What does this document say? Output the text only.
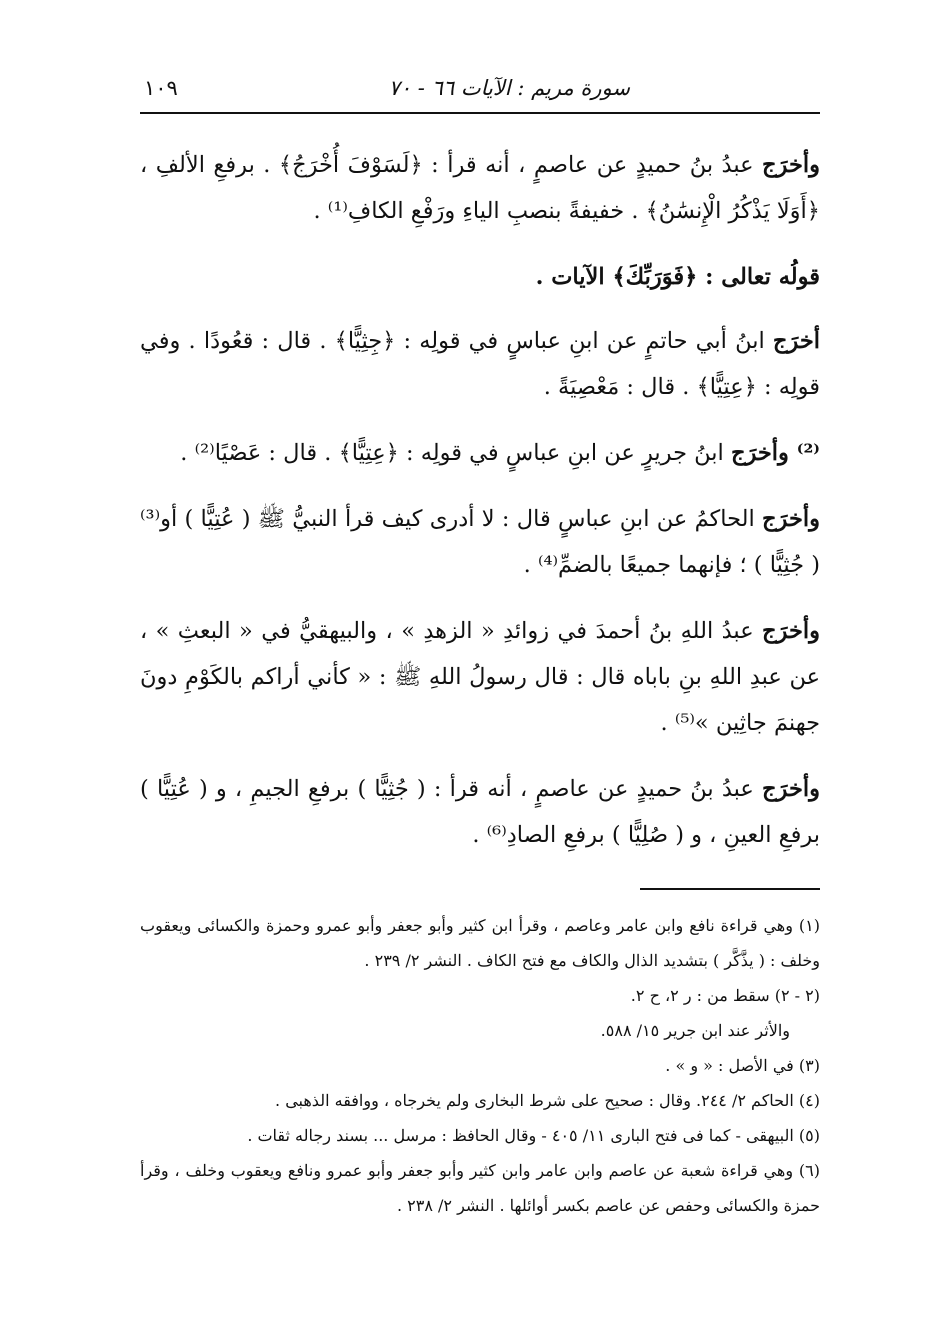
سورة مريم : الآيات ٦٦ - ٧٠
١٠٩

وأخرَج عبدُ بنُ حميدٍ عن عاصمٍ ، أنه قرأ : ﴿لَسَوْفَ أُخْرَجُ﴾ . برفعِ الألفِ ، ﴿أَوَلَا يَذْكُرُ الْإِنسَٰنُ﴾ . خفيفةً بنصبِ الياءِ ورَفْعِ الكافِ⁽¹⁾ .

قولُه تعالى : ﴿فَوَرَبِّكَ﴾ الآيات .

أخرَج ابنُ أبي حاتمٍ عن ابنِ عباسٍ في قولِه : ﴿جِثِيًّا﴾ . قال : قعُودًا . وفي قولِه : ﴿عِتِيًّا﴾ . قال : مَعْصِيَةً .

⁽²⁾ وأخرَج ابنُ جريرٍ عن ابنِ عباسٍ في قولِه : ﴿عِتِيًّا﴾ . قال : عَصْيًا⁽²⁾ .

وأخرَج الحاكمُ عن ابنِ عباسٍ قال : لا أدرى كيف قرأ النبيُّ ﷺ ( عُتِيًّا ) أو⁽³⁾ ( جُثِيًّا ) ؛ فإنهما جميعًا بالضمِّ⁽⁴⁾ .

وأخرَج عبدُ اللهِ بنُ أحمدَ في زوائدِ « الزهدِ » ، والبيهقيُّ في « البعثِ » ، عن عبدِ اللهِ بنِ باباه قال : قال رسولُ اللهِ ﷺ : « كأني أراكم بالكَوْمِ دونَ جهنمَ جاثِين »⁽⁵⁾ .

وأخرَج عبدُ بنُ حميدٍ عن عاصمٍ ، أنه قرأ : ( جُثِيًّا ) برفعِ الجيمِ ، و ( عُتِيًّا ) برفعِ العينِ ، و ( صُلِيًّا ) برفعِ الصادِ⁽⁶⁾ .

(١) وهي قراءة نافع وابن عامر وعاصم ، وقرأ ابن كثير وأبو جعفر وأبو عمرو وحمزة والكسائى ويعقوب وخلف : ( يذَّكَّر ) بتشديد الذال والكاف مع فتح الكاف . النشر ٢/ ٢٣٩ .

(٢ - ٢) سقط من : ر ٢، ح ٢.

والأثر عند ابن جرير ١٥/ ٥٨٨.

(٣) في الأصل : « و » .

(٤) الحاكم ٢/ ٢٤٤. وقال : صحيح على شرط البخارى ولم يخرجاه ، ووافقه الذهبى .

(٥) البيهقى - كما فى فتح البارى ١١/ ٤٠٥ - وقال الحافظ : مرسل ... بسند رجاله ثقات .

(٦) وهي قراءة شعبة عن عاصم وابن عامر وابن كثير وأبو جعفر وأبو عمرو ونافع ويعقوب وخلف ، وقرأ حمزة والكسائى وحفص عن عاصم بكسر أوائلها . النشر ٢/ ٢٣٨ .
